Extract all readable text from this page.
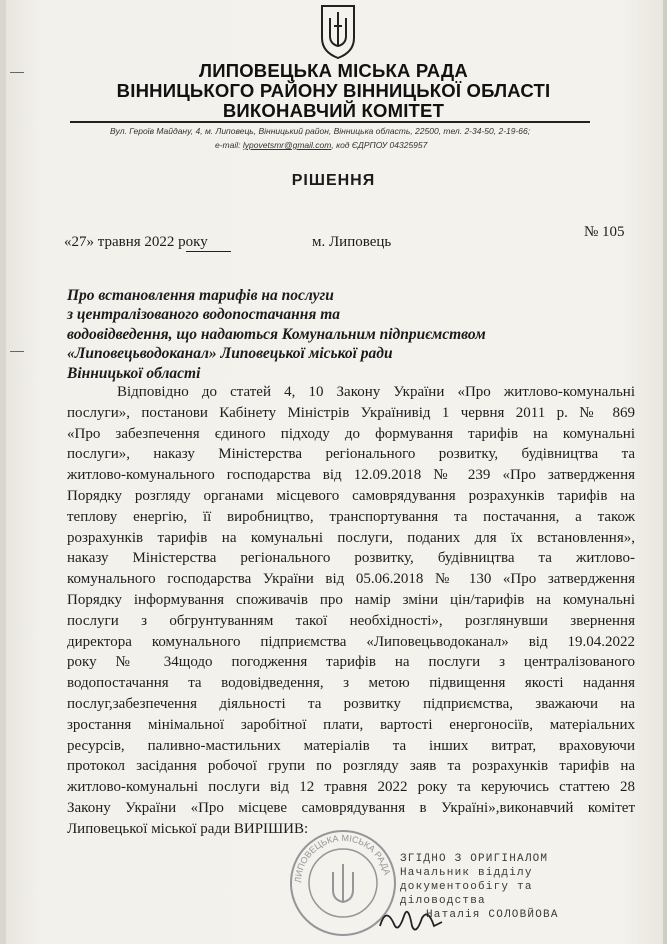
ЛИПОВЕЦЬКА МІСЬКА РАДА
ВІННИЦЬКОГО РАЙОНУ ВІННИЦЬКОЇ ОБЛАСТІ
ВИКОНАВЧИЙ КОМІТЕТ
Вул. Героїв Майдану, 4, м. Липовець, Вінницький район, Вінницька область, 22500, тел. 2-34-50, 2-19-66;
e-mail: lypovetsmr@gmail.com, код ЄДРПОУ 04325957
РІШЕННЯ
«27» травня 2022 року	м. Липовець
№ 105
Про встановлення тарифів на послуги
з централізованого водопостачання та
водовідведення, що надаються Комунальним підприємством
«Липовецьводоканал» Липовецької міської ради
Вінницької області
Відповідно до статей 4, 10 Закону України «Про житлово-комунальні
послуги», постанови Кабінету Міністрів Українивід 1 червня 2011 р. № 869
«Про забезпечення єдиного підходу до формування тарифів на комунальні
послуги», наказу Міністерства регіонального розвитку, будівництва та
житлово-комунального господарства від 12.09.2018 № 239 «Про затвердження
Порядку розгляду органами місцевого самоврядування розрахунків тарифів на
теплову енергію, її виробництво, транспортування та постачання, а також
розрахунків тарифів на комунальні послуги, поданих для їх встановлення»,
наказу Міністерства регіонального розвитку, будівництва та житлово-
комунального господарства України від 05.06.2018 № 130 «Про затвердження
Порядку інформування споживачів про намір зміни цін/тарифів на комунальні
послуги з обгрунтуванням такої необхідності», розглянувши звернення
директора комунального підприємства «Липовецьводоканал» від 19.04.2022
року № 34щодо погодження тарифів на послуги з централізованого
водопостачання та водовідведення, з метою підвищення якості надання
послуг,забезпечення діяльності та розвитку підприємства, зважаючи на
зростання мінімальної заробітної плати, вартості енергоносіїв, матеріальних
ресурсів, паливно-мастильних матеріалів та інших витрат, враховуючи
протокол засідання робочої групи по розгляду заяв та розрахунків тарифів на
житлово-комунальні послуги від 12 травня 2022 року та керуючись статтею 28
Закону України «Про місцеве самоврядування в Україні»,виконавчий комітет
Липовецької міської ради ВИРІШИВ:
ЛИПОВЕЦЬКА МІСЬКА РАДА
ЗГІДНО З ОРИГІНАЛОМ
Начальник відділу
документообігу та
діловодства
Наталія СОЛОВЙОВА
